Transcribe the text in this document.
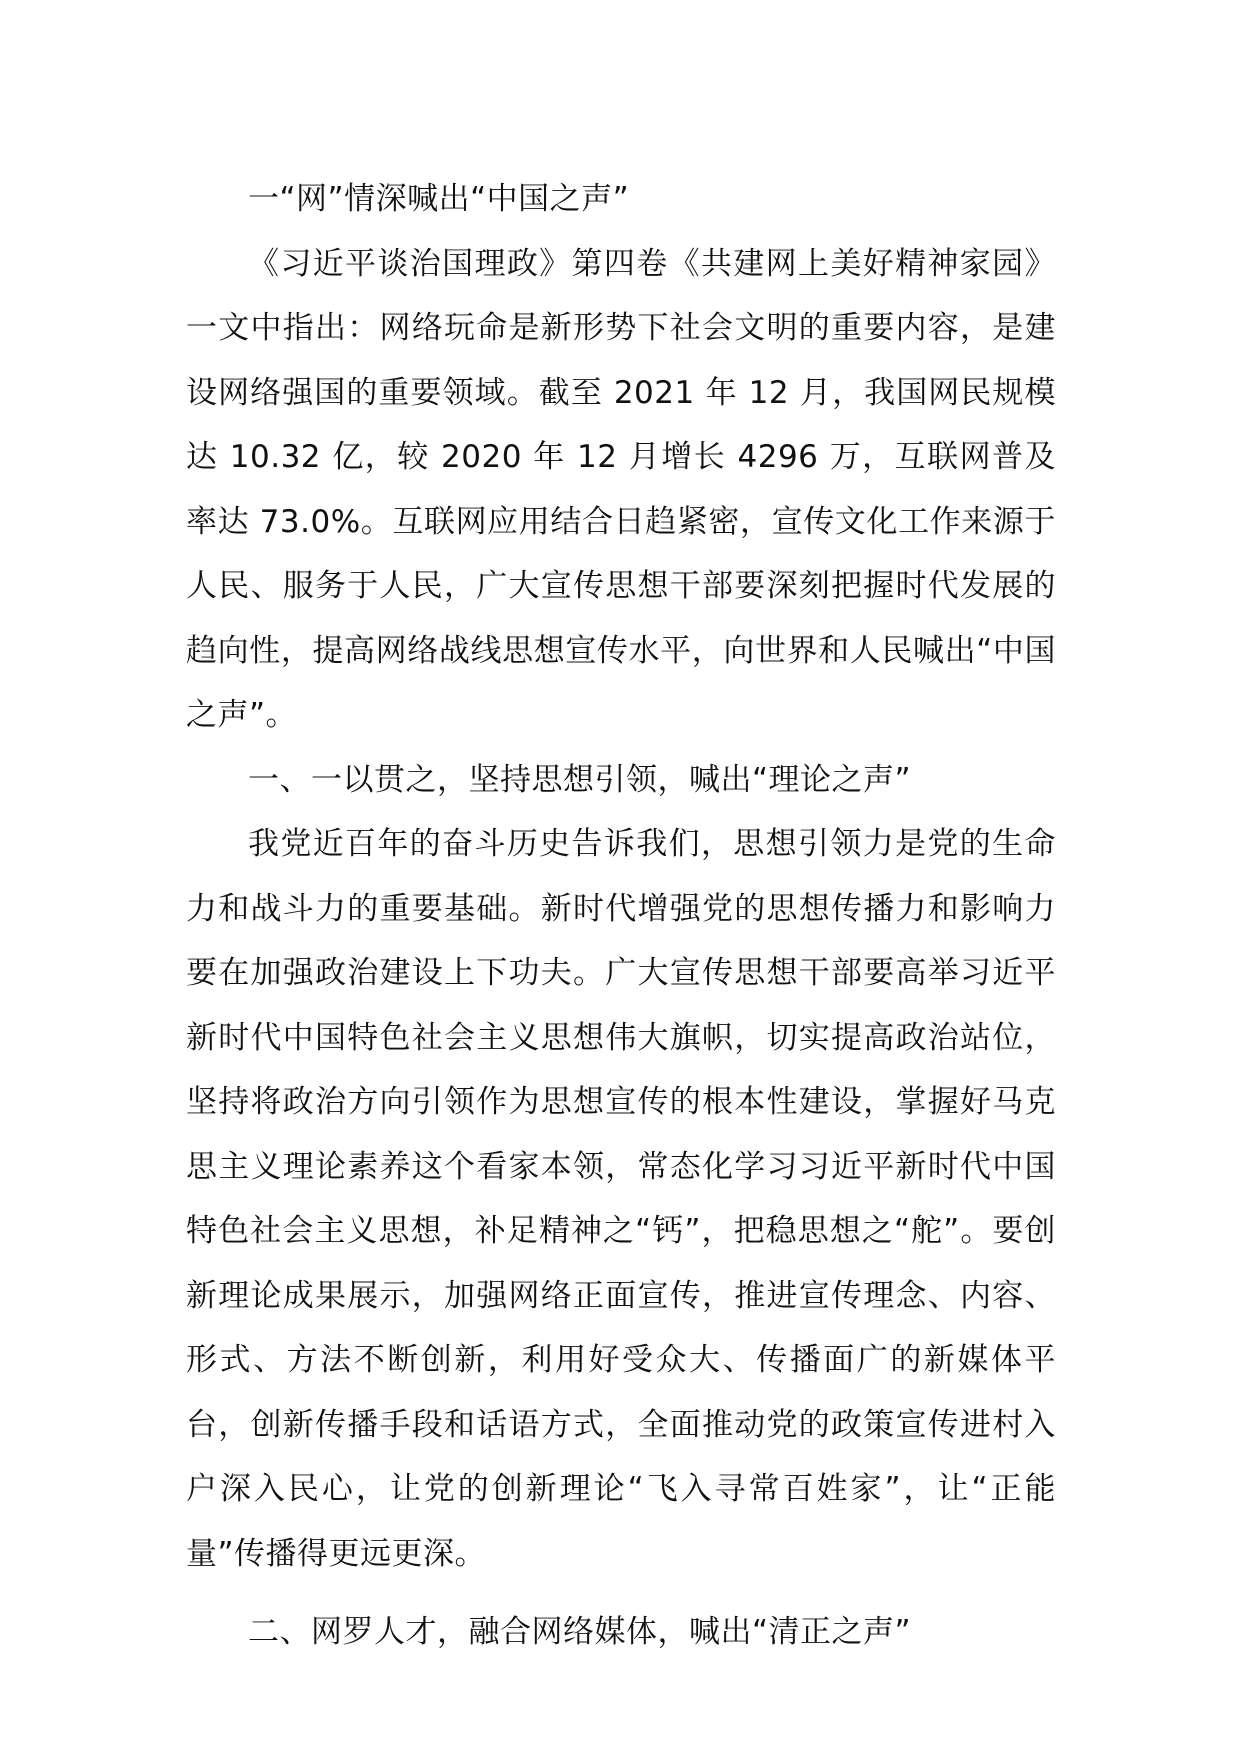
一“网”情深喊出“中国之声”

《习近平谈治国理政》第四卷《共建网上美好精神家园》一文中指出：网络玩命是新形势下社会文明的重要内容，是建设网络强国的重要领域。截至 2021 年 12 月，我国网民规模达 10.32 亿，较 2020 年 12 月增长 4296 万，互联网普及率达 73.0%。互联网应用结合日趋紧密，宣传文化工作来源于人民、服务于人民，广大宣传思想干部要深刻把握时代发展的趋向性，提高网络战线思想宣传水平，向世界和人民喊出“中国之声”。

一、一以贯之，坚持思想引领，喊出“理论之声”

我党近百年的奋斗历史告诉我们，思想引领力是党的生命力和战斗力的重要基础。新时代增强党的思想传播力和影响力要在加强政治建设上下功夫。广大宣传思想干部要高举习近平新时代中国特色社会主义思想伟大旗帜，切实提高政治站位，坚持将政治方向引领作为思想宣传的根本性建设，掌握好马克思主义理论素养这个看家本领，常态化学习习近平新时代中国特色社会主义思想，补足精神之“钙”，把稳思想之“舵”。要创新理论成果展示，加强网络正面宣传，推进宣传理念、内容、形式、方法不断创新，利用好受众大、传播面广的新媒体平台，创新传播手段和话语方式，全面推动党的政策宣传进村入户深入民心，让党的创新理论“飞入寻常百姓家”，让“正能量”传播得更远更深。

二、网罗人才，融合网络媒体，喊出“清正之声”
